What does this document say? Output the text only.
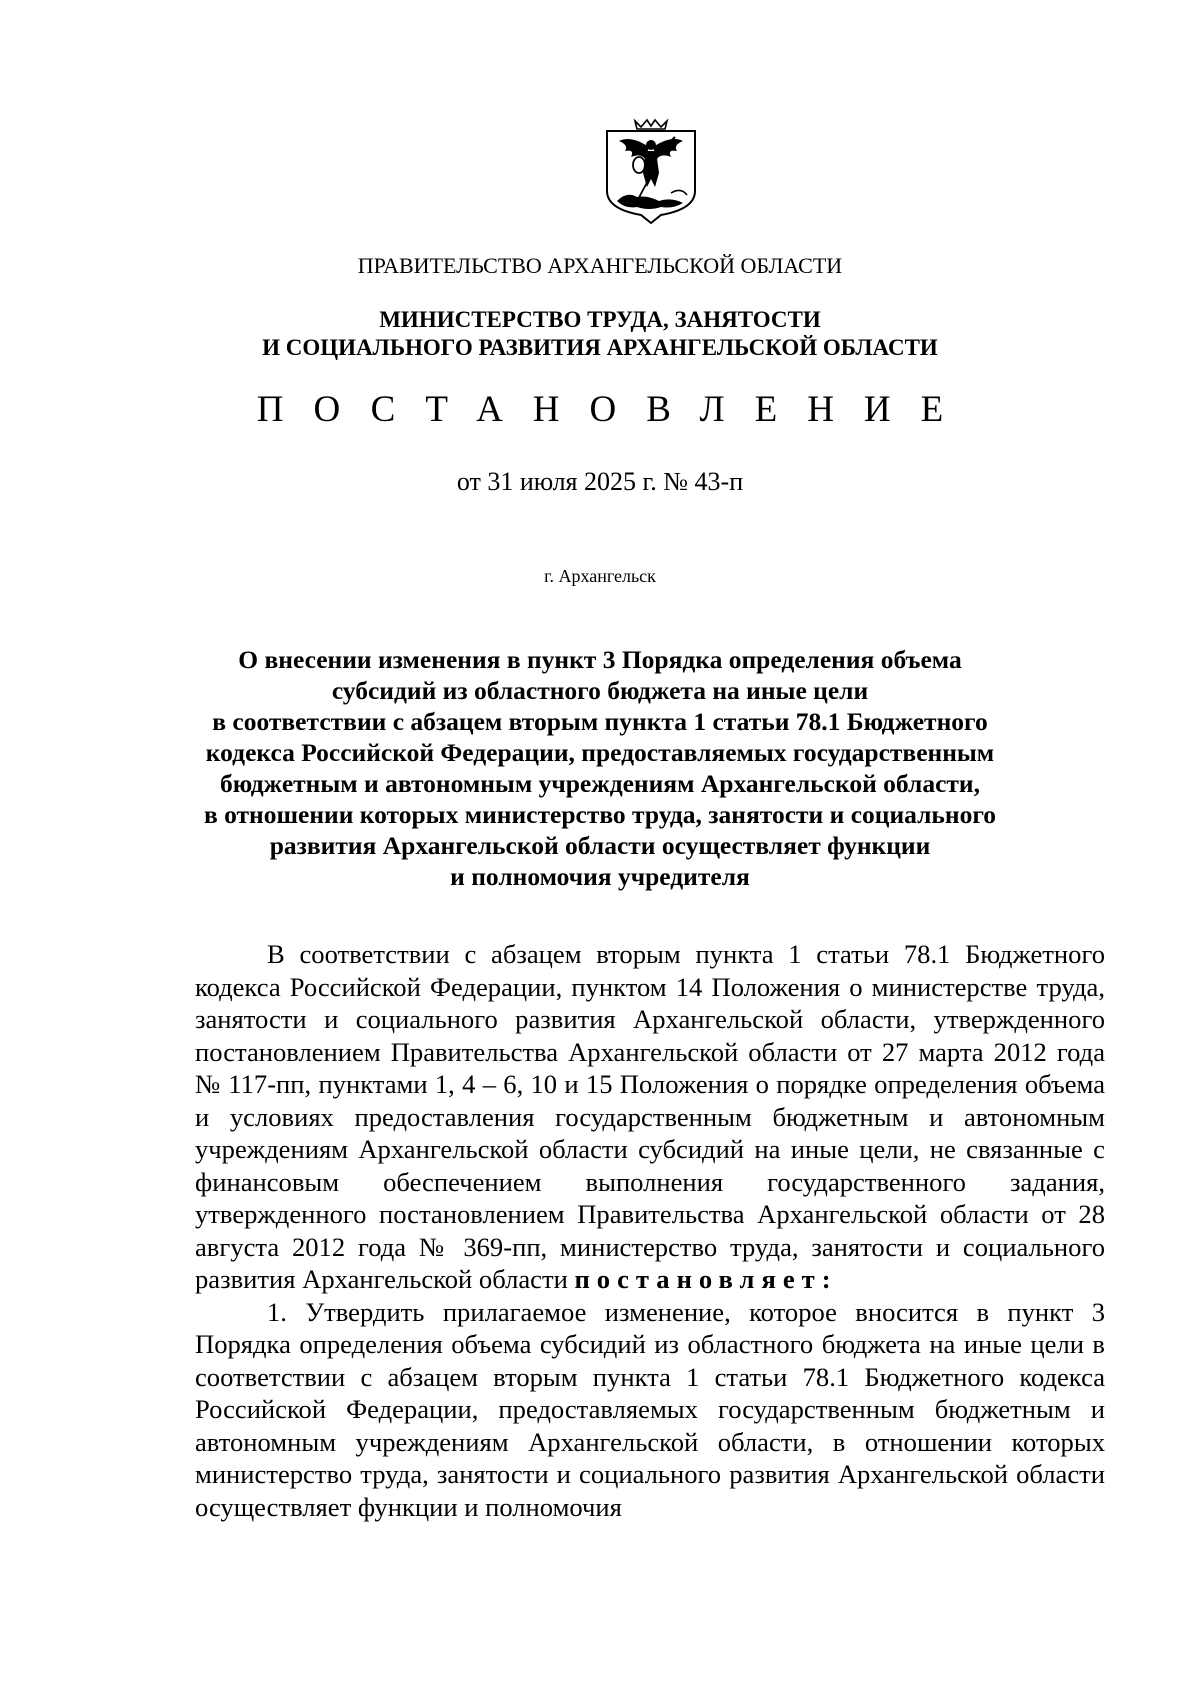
ПРАВИТЕЛЬСТВО АРХАНГЕЛЬСКОЙ ОБЛАСТИ
МИНИСТЕРСТВО ТРУДА, ЗАНЯТОСТИ
И СОЦИАЛЬНОГО РАЗВИТИЯ АРХАНГЕЛЬСКОЙ ОБЛАСТИ
ПОСТАНОВЛЕНИЕ
от 31 июля 2025 г. № 43-п
г. Архангельск
О внесении изменения в пункт 3 Порядка определения объема
субсидий из областного бюджета на иные цели
в соответствии с абзацем вторым пункта 1 статьи 78.1 Бюджетного
кодекса Российской Федерации, предоставляемых государственным
бюджетным и автономным учреждениям Архангельской области,
в отношении которых министерство труда, занятости и социального
развития Архангельской области осуществляет функции
и полномочия учредителя

В соответствии с абзацем вторым пункта 1 статьи 78.1 Бюджетного кодекса Российской Федерации, пунктом 14 Положения о министерстве труда, занятости и социального развития Архангельской области, утвержденного постановлением Правительства Архангельской области от 27 марта 2012 года № 117-пп, пунктами 1, 4 – 6, 10 и 15 Положения о порядке определения объема и условиях предоставления государственным бюджетным и автономным учреждениям Архангельской области субсидий на иные цели, не связанные с финансовым обеспечением выполнения государственного задания, утвержденного постановлением Правительства Архангельской области от 28 августа 2012 года № 369-пп, министерство труда, занятости и социального развития Архангельской области постановляет:

1. Утвердить прилагаемое изменение, которое вносится в пункт 3 Порядка определения объема субсидий из областного бюджета на иные цели в соответствии с абзацем вторым пункта 1 статьи 78.1 Бюджетного кодекса Российской Федерации, предоставляемых государственным бюджетным и автономным учреждениям Архангельской области, в отношении которых министерство труда, занятости и социального развития Архангельской области осуществляет функции и полномочия
